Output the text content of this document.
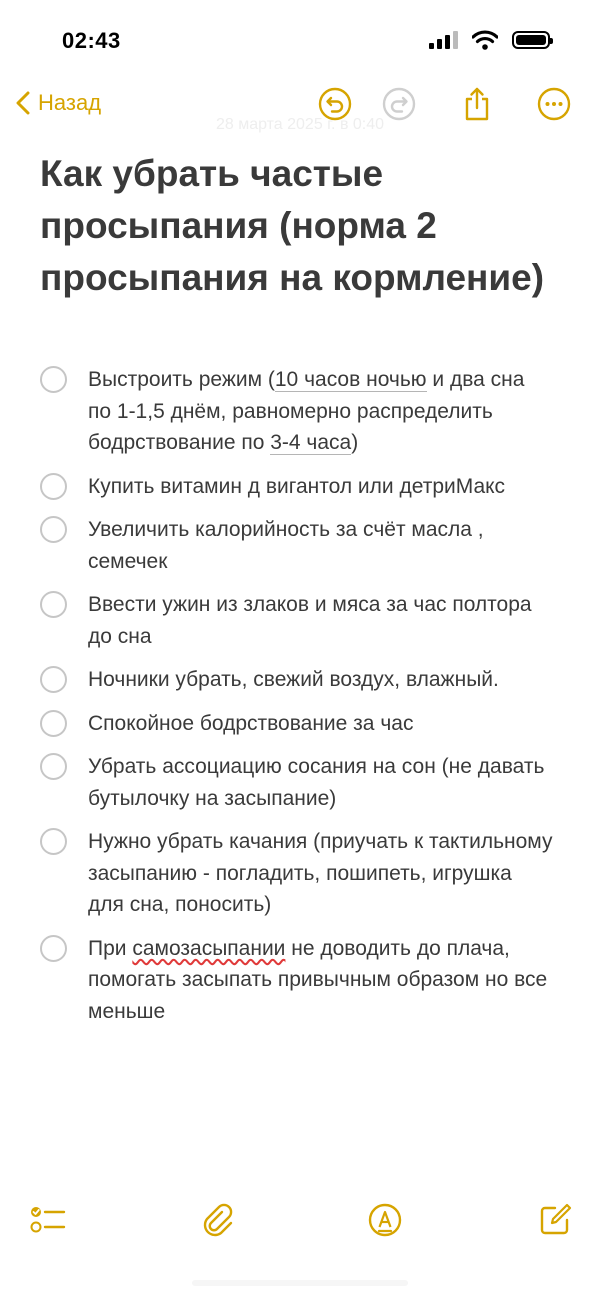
02:43
Назад
28 марта 2025 г. в 0:40
Как убрать частые просыпания (норма 2 просыпания на кормление)
Выстроить режим (10 часов ночью и два сна по 1-1,5 днём, равномерно распределить бодрствование по 3-4 часа)
Купить витамин д вигантол или детриМакс
Увеличить калорийность за счёт масла , семечек
Ввести ужин из злаков и мяса за час полтора до сна
Ночники убрать, свежий воздух, влажный.
Спокойное бодрствование за час
Убрать ассоциацию сосания на сон (не давать бутылочку на засыпание)
Нужно убрать качания (приучать к тактильному засыпанию - погладить, пошипеть, игрушка для сна, поносить)
При самозасыпании не доводить до плача, помогать засыпать привычным образом но все меньше
